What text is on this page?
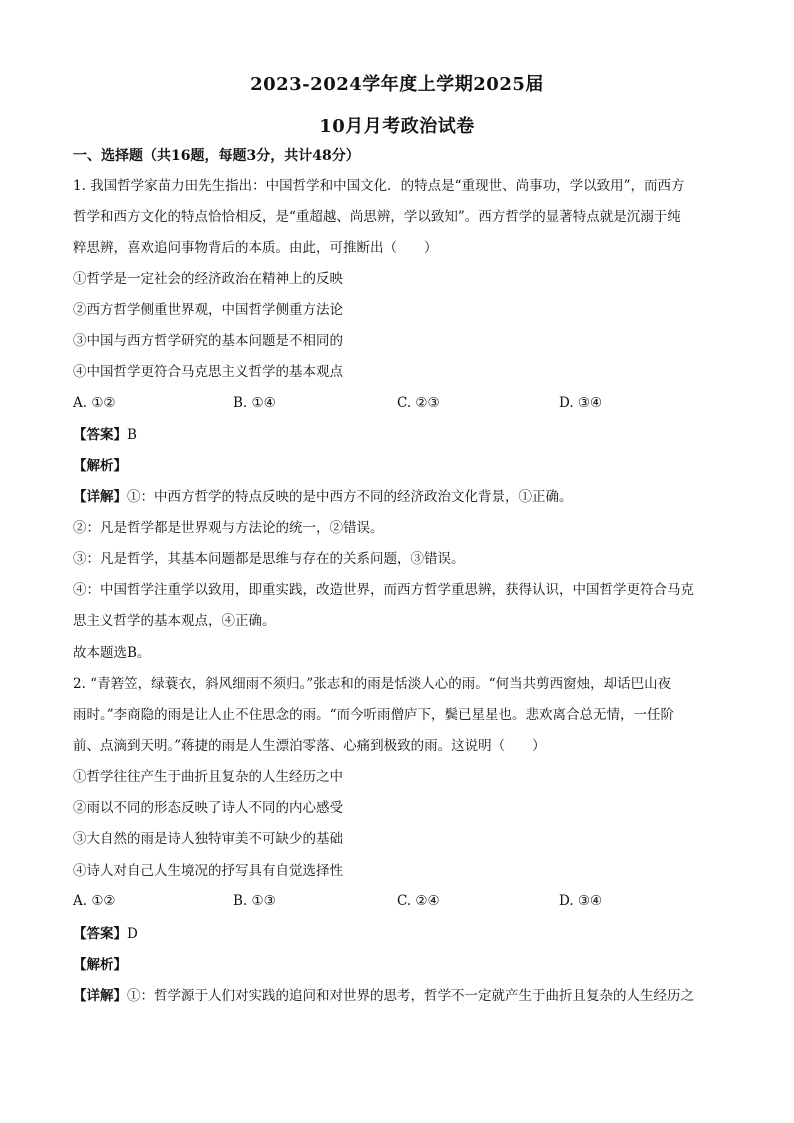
2023-2024学年度上学期2025届
10月月考政治试卷
一、选择题（共16题，每题3分，共计48分）
1. 我国哲学家苗力田先生指出：中国哲学和中国文化．的特点是“重现世、尚事功，学以致用”，而西方
哲学和西方文化的特点恰恰相反，是“重超越、尚思辨，学以致知”。西方哲学的显著特点就是沉溺于纯
粹思辨，喜欢追问事物背后的本质。由此，可推断出（　　）
①哲学是一定社会的经济政治在精神上的反映
②西方哲学侧重世界观，中国哲学侧重方法论
③中国与西方哲学研究的基本问题是不相同的
④中国哲学更符合马克思主义哲学的基本观点
A. ①②	B. ①④	C. ②③	D. ③④
【答案】B
【解析】
【详解】①：中西方哲学的特点反映的是中西方不同的经济政治文化背景，①正确。
②：凡是哲学都是世界观与方法论的统一，②错误。
③：凡是哲学，其基本问题都是思维与存在的关系问题，③错误。
④：中国哲学注重学以致用，即重实践，改造世界，而西方哲学重思辨，获得认识，中国哲学更符合马克
思主义哲学的基本观点，④正确。
故本题选B。
2. “青箬笠，绿蓑衣，斜风细雨不须归。”张志和的雨是恬淡人心的雨。“何当共剪西窗烛，却话巴山夜
雨时。”李商隐的雨是让人止不住思念的雨。“而今听雨僧庐下，鬓已星星也。悲欢离合总无情，一任阶
前、点滴到天明。”蒋捷的雨是人生漂泊零落、心痛到极致的雨。这说明（　　）
①哲学往往产生于曲折且复杂的人生经历之中
②雨以不同的形态反映了诗人不同的内心感受
③大自然的雨是诗人独特审美不可缺少的基础
④诗人对自己人生境况的抒写具有自觉选择性
A. ①②	B. ①③	C. ②④	D. ③④
【答案】D
【解析】
【详解】①：哲学源于人们对实践的追问和对世界的思考，哲学不一定就产生于曲折且复杂的人生经历之
